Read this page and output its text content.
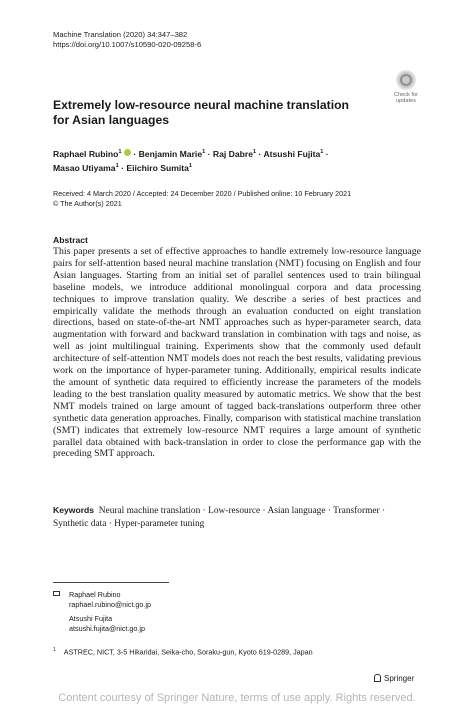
Machine Translation (2020) 34:347–382
https://doi.org/10.1007/s10590-020-09258-6
Check for
updates
Extremely low-resource neural machine translation
for Asian languages
Raphael Rubino$^1$  · Benjamin Marie$^1$ · Raj Dabre$^1$ · Atsushi Fujita$^1$ ·
Masao Utiyama$^1$ · Eiichiro Sumita$^1$
Received: 4 March 2020 / Accepted: 24 December 2020 / Published online: 10 February 2021
© The Author(s) 2021
Abstract
This paper presents a set of effective approaches to handle extremely low-resource language pairs for self-attention based neural machine translation (NMT) focusing on English and four Asian languages. Starting from an initial set of parallel sentences used to train bilingual baseline models, we introduce additional monolingual corpora and data processing techniques to improve translation quality. We describe a series of best practices and empirically validate the methods through an evaluation conducted on eight translation directions, based on state-of-the-art NMT approaches such as hyper-parameter search, data augmentation with forward and backward translation in combination with tags and noise, as well as joint multilingual training. Experiments show that the commonly used default architecture of self-attention NMT models does not reach the best results, validating previous work on the importance of hyper-parameter tuning. Additionally, empirical results indicate the amount of synthetic data required to efficiently increase the parameters of the models leading to the best translation quality measured by automatic metrics. We show that the best NMT models trained on large amount of tagged back-translations outperform three other synthetic data generation approaches. Finally, comparison with statistical machine translation (SMT) indicates that extremely low-resource NMT requires a large amount of synthetic parallel data obtained with back-translation in order to close the performance gap with the preceding SMT approach.
Keywords Neural machine translation · Low-resource · Asian language · Transformer · Synthetic data · Hyper-parameter tuning
Raphael Rubino
raphael.rubino@nict.go.jp
Atsushi Fujita
atsushi.fujita@nict.go.jp
$^1$ ASTREC, NICT, 3-5 Hikaridai, Seika-cho, Soraku-gun, Kyoto 619-0289, Japan
Springer
Content courtesy of Springer Nature, terms of use apply. Rights reserved.
